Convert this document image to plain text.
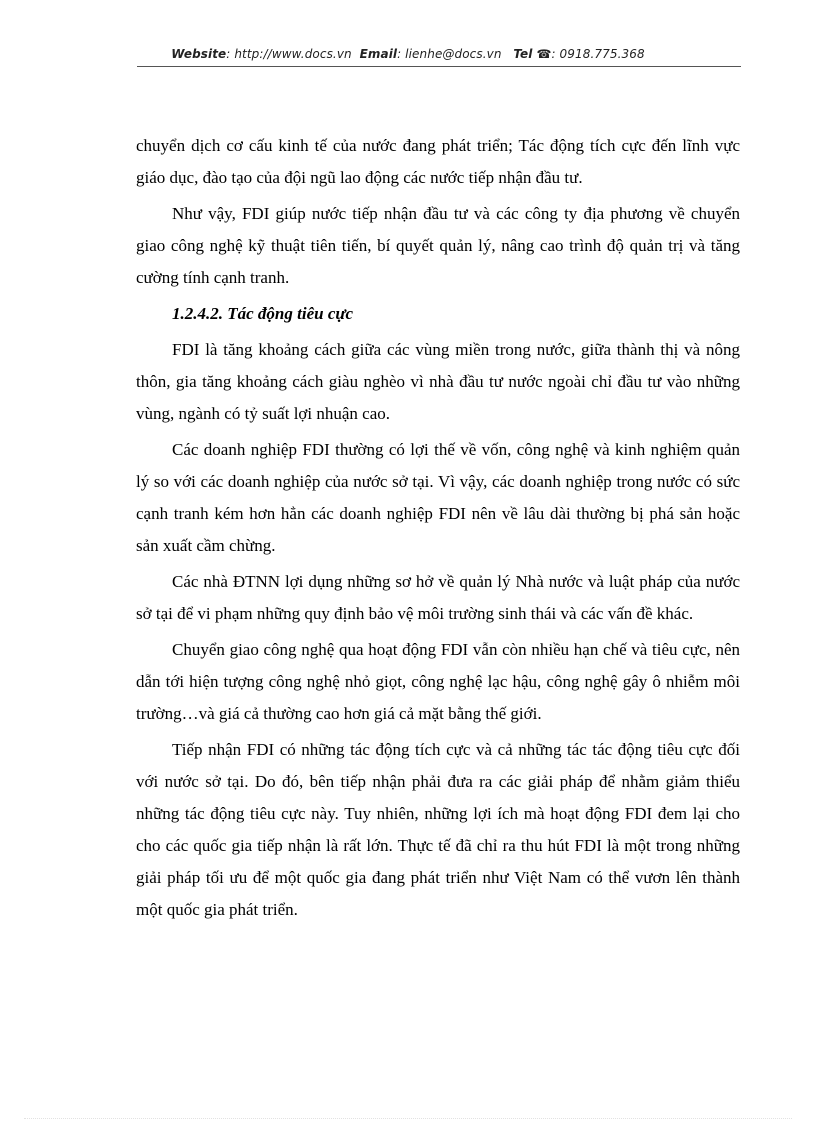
Website: http://www.docs.vn Email: lienhe@docs.vn Tel ☎: 0918.775.368

chuyển dịch cơ cấu kinh tế của nước đang phát triển; Tác động tích cực đến lĩnh vực giáo dục, đào tạo của đội ngũ lao động các nước tiếp nhận đầu tư.

Như vậy, FDI giúp nước tiếp nhận đầu tư và các công ty địa phương về chuyển giao công nghệ kỹ thuật tiên tiến, bí quyết quản lý, nâng cao trình độ quản trị và tăng cường tính cạnh tranh.

1.2.4.2. Tác động tiêu cực

FDI là tăng khoảng cách giữa các vùng miền trong nước, giữa thành thị và nông thôn, gia tăng khoảng cách giàu nghèo vì nhà đầu tư nước ngoài chỉ đầu tư vào những vùng, ngành có tỷ suất lợi nhuận cao.

Các doanh nghiệp FDI thường có lợi thế về vốn, công nghệ và kinh nghiệm quản lý so với các doanh nghiệp của nước sở tại. Vì vậy, các doanh nghiệp trong nước có sức cạnh tranh kém hơn hẳn các doanh nghiệp FDI nên về lâu dài thường bị phá sản hoặc sản xuất cầm chừng.

Các nhà ĐTNN lợi dụng những sơ hở về quản lý Nhà nước và luật pháp của nước sở tại để vi phạm những quy định bảo vệ môi trường sinh thái và các vấn đề khác.

Chuyển giao công nghệ qua hoạt động FDI vẫn còn nhiều hạn chế và tiêu cực, nên dẫn tới hiện tượng công nghệ nhỏ giọt, công nghệ lạc hậu, công nghệ gây ô nhiễm môi trường…và giá cả thường cao hơn giá cả mặt bằng thế giới.

Tiếp nhận FDI có những tác động tích cực và cả những tác tác động tiêu cực đối với nước sở tại. Do đó, bên tiếp nhận phải đưa ra các giải pháp để nhằm giảm thiểu những tác động tiêu cực này. Tuy nhiên, những lợi ích mà hoạt động FDI đem lại cho cho các quốc gia tiếp nhận là rất lớn. Thực tế đã chỉ ra thu hút FDI là một trong những giải pháp tối ưu để một quốc gia đang phát triển như Việt Nam có thể vươn lên thành một quốc gia phát triển.
